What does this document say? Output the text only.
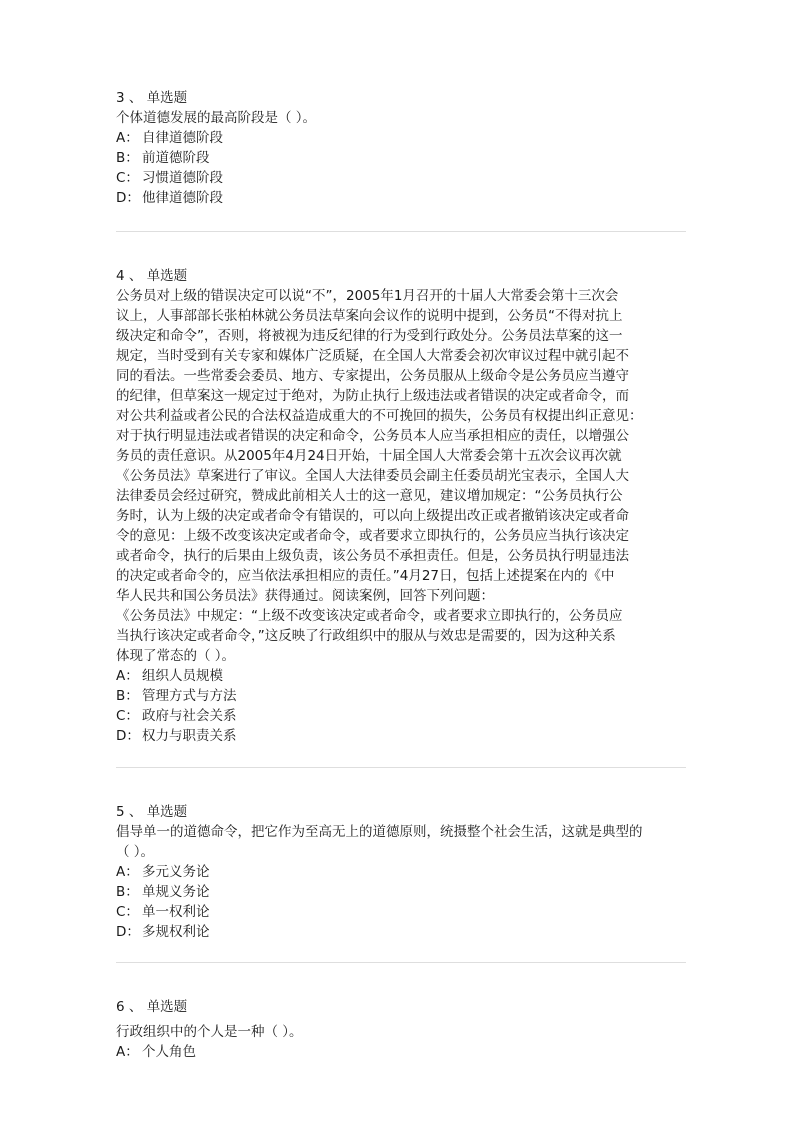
3 、 单选题

个体道德发展的最高阶段是（ ）。

A： 自律道德阶段
B： 前道德阶段
C： 习惯道德阶段
D： 他律道德阶段
4 、 单选题

公务员对上级的错误决定可以说“不”，2005年1月召开的十届人大常委会第十三次会

议上，人事部部长张柏林就公务员法草案向会议作的说明中提到，公务员“不得对抗上

级决定和命令”，否则，将被视为违反纪律的行为受到行政处分。公务员法草案的这一

规定，当时受到有关专家和媒体广泛质疑，在全国人大常委会初次审议过程中就引起不

同的看法。一些常委会委员、地方、专家提出，公务员服从上级命令是公务员应当遵守

的纪律，但草案这一规定过于绝对，为防止执行上级违法或者错误的决定或者命令，而

对公共利益或者公民的合法权益造成重大的不可挽回的损失，公务员有权提出纠正意见：

对于执行明显违法或者错误的决定和命令，公务员本人应当承担相应的责任，以增强公

务员的责任意识。从2005年4月24日开始，十届全国人大常委会第十五次会议再次就

《公务员法》草案进行了审议。全国人大法律委员会副主任委员胡光宝表示，全国人大

法律委员会经过研究，赞成此前相关人士的这一意见，建议增加规定：“公务员执行公

务时，认为上级的决定或者命令有错误的，可以向上级提出改正或者撤销该决定或者命

令的意见：上级不改变该决定或者命令，或者要求立即执行的，公务员应当执行该决定

或者命令，执行的后果由上级负责，该公务员不承担责任。但是，公务员执行明显违法

的决定或者命令的，应当依法承担相应的责任。”4月27日，包括上述提案在内的《中

华人民共和国公务员法》获得通过。阅读案例，回答下列问题：

《公务员法》中规定：“上级不改变该决定或者命令，或者要求立即执行的，公务员应

当执行该决定或者命令，”这反映了行政组织中的服从与效忠是需要的，因为这种关系

体现了常态的（ ）。

A： 组织人员规模
B： 管理方式与方法
C： 政府与社会关系
D： 权力与职责关系
5 、 单选题

倡导单一的道德命令，把它作为至高无上的道德原则，统摄整个社会生活，这就是典型的

（ ）。

A： 多元义务论
B： 单规义务论
C： 单一权利论
D： 多规权利论
6 、 单选题

行政组织中的个人是一种（ ）。

A： 个人角色
